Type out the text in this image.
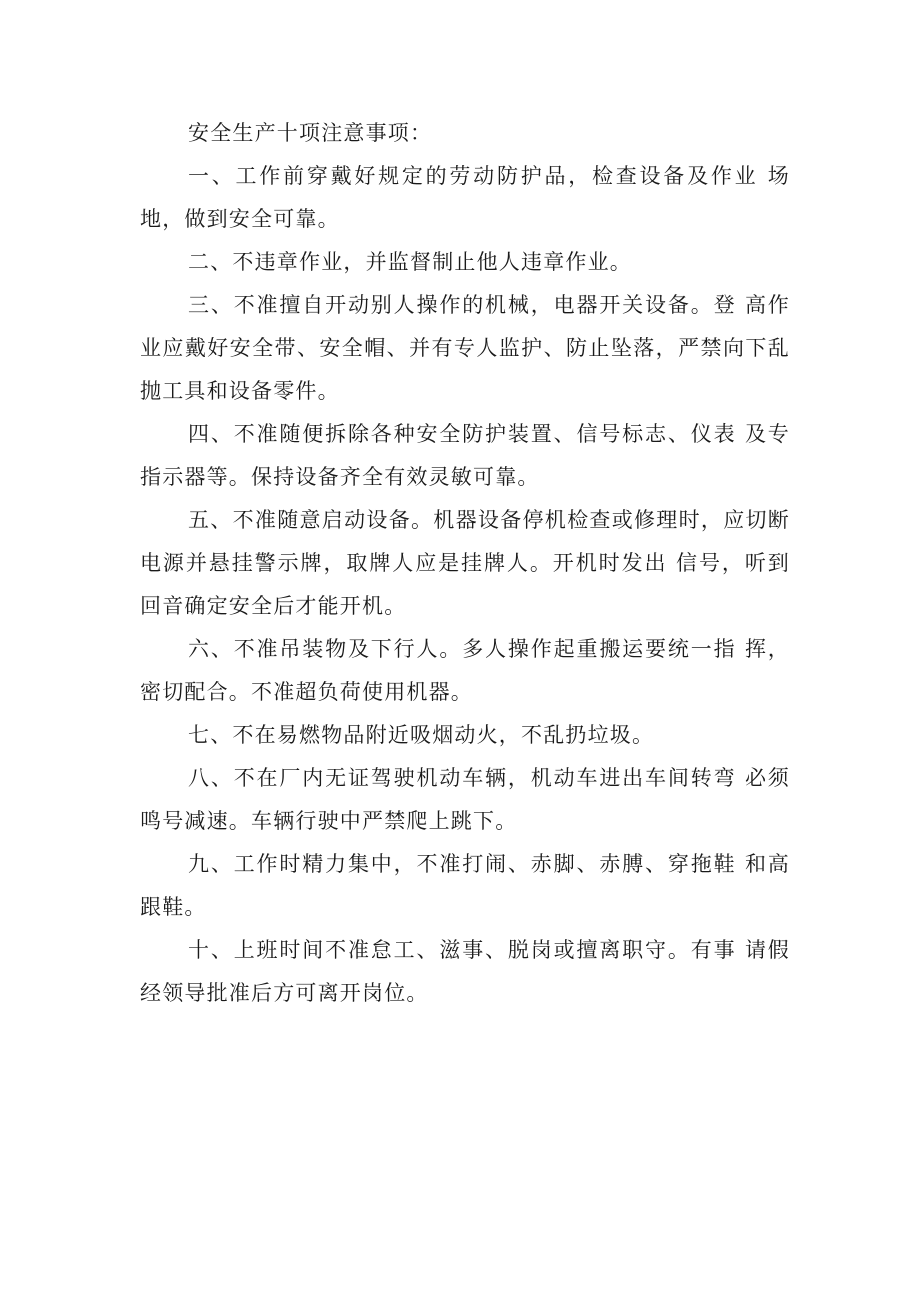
安全生产十项注意事项：

一、工作前穿戴好规定的劳动防护品，检查设备及作业 场地，做到安全可靠。

二、不违章作业，并监督制止他人违章作业。

三、不准擅自开动别人操作的机械，电器开关设备。登 高作业应戴好安全带、安全帽、并有专人监护、防止坠落，严禁向下乱抛工具和设备零件。

四、不准随便拆除各种安全防护装置、信号标志、仪表 及专指示器等。保持设备齐全有效灵敏可靠。

五、不准随意启动设备。机器设备停机检查或修理时，应切断电源并悬挂警示牌，取牌人应是挂牌人。开机时发出 信号，听到回音确定安全后才能开机。

六、不准吊装物及下行人。多人操作起重搬运要统一指 挥，密切配合。不准超负荷使用机器。

七、不在易燃物品附近吸烟动火，不乱扔垃圾。

八、不在厂内无证驾驶机动车辆，机动车进出车间转弯 必须鸣号减速。车辆行驶中严禁爬上跳下。

九、工作时精力集中，不准打闹、赤脚、赤膊、穿拖鞋 和高跟鞋。

十、上班时间不准怠工、滋事、脱岗或擅离职守。有事 请假经领导批准后方可离开岗位。
